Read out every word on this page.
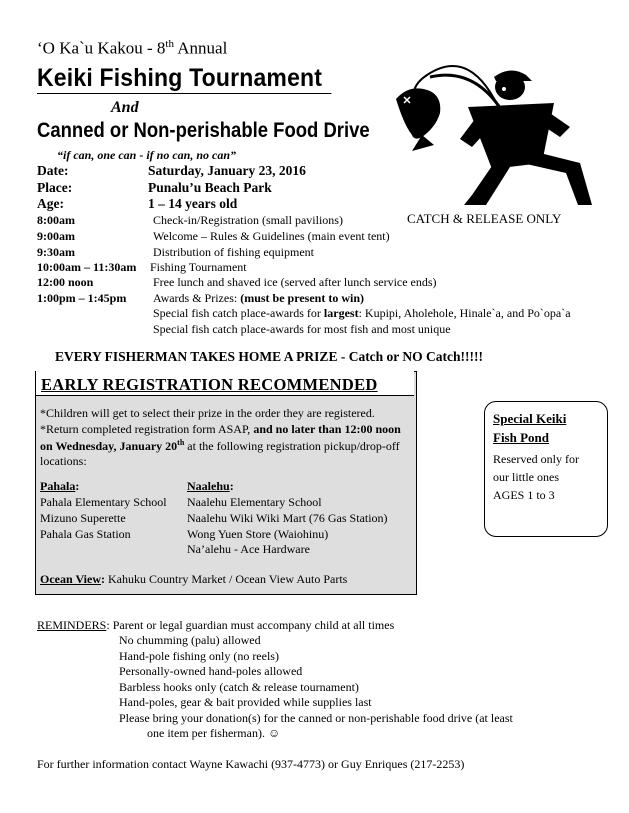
‘O Ka`u Kakou - 8th Annual
Keiki Fishing Tournament
And
Canned or Non-perishable Food Drive
“if can, one can - if no can, no can”
Date:	Saturday, January 23, 2016
Place:	Punalu’u Beach Park
Age:	1 – 14 years old
8:00am	Check-in/Registration (small pavilions)
9:00am	Welcome – Rules & Guidelines (main event tent)
9:30am	Distribution of fishing equipment
10:00am – 11:30am Fishing Tournament
12:00 noon	Free lunch and shaved ice (served after lunch service ends)
1:00pm – 1:45pm Awards & Prizes: (must be present to win)
Special fish catch place-awards for largest: Kupipi, Aholehole, Hinale`a, and Po`opa`a
Special fish catch place-awards for most fish and most unique
CATCH & RELEASE ONLY
EVERY FISHERMAN TAKES HOME A PRIZE - Catch or NO Catch!!!!!
EARLY REGISTRATION RECOMMENDED
*Children will get to select their prize in the order they are registered.
*Return completed registration form ASAP, and no later than 12:00 noon
on Wednesday, January 20th at the following registration pickup/drop-off
locations:
Pahala:
Pahala Elementary School
Mizuno Superette
Pahala Gas Station
Naalehu:
Naalehu Elementary School
Naalehu Wiki Wiki Mart (76 Gas Station)
Wong Yuen Store (Waiohinu)
Na’alehu - Ace Hardware
Ocean View: Kahuku Country Market / Ocean View Auto Parts
Special Keiki
Fish Pond
Reserved only for
our little ones
AGES 1 to 3
REMINDERS: Parent or legal guardian must accompany child at all times
No chumming (palu) allowed
Hand-pole fishing only (no reels)
Personally-owned hand-poles allowed
Barbless hooks only (catch & release tournament)
Hand-poles, gear & bait provided while supplies last
Please bring your donation(s) for the canned or non-perishable food drive (at least
one item per fisherman). ☺
For further information contact Wayne Kawachi (937-4773) or Guy Enriques (217-2253)
